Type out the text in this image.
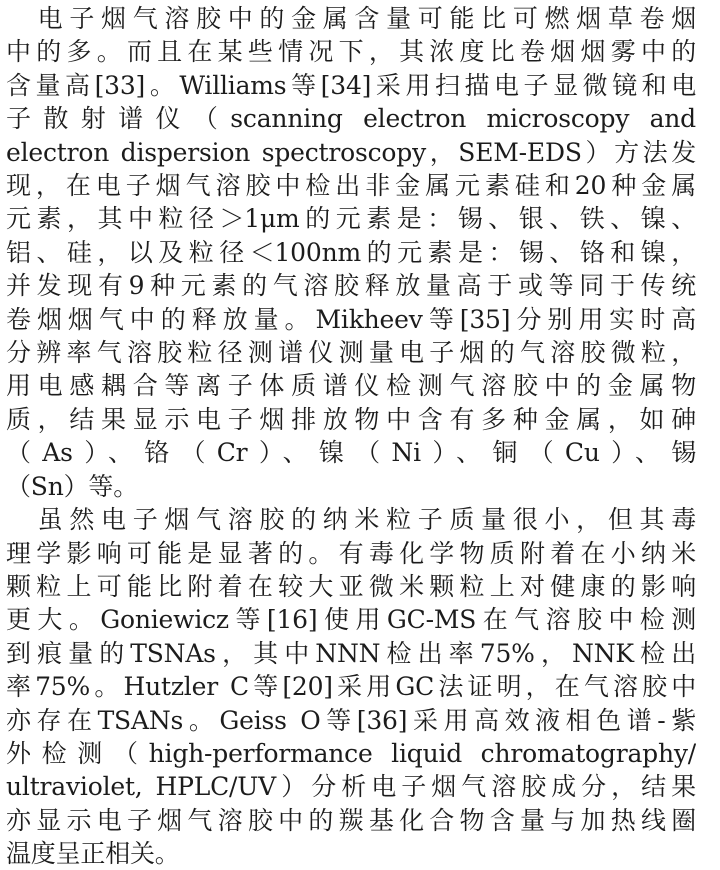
　电子烟气溶胶中的金属含量可能比可燃烟草卷烟
中的多。而且在某些情况下，其浓度比卷烟烟雾中的
含量高[33]。Williams等[34]采用扫描电子显微镜和电
子散射谱仪（scanning electron microscopy and
electron dispersion spectroscopy，SEM-EDS）方法发
现，在电子烟气溶胶中检出非金属元素硅和20种金属
元素，其中粒径＞1μm的元素是：锡、银、铁、镍、
铝、硅，以及粒径＜100nm的元素是：锡、铬和镍，
并发现有9种元素的气溶胶释放量高于或等同于传统
卷烟烟气中的释放量。Mikheev等[35]分别用实时高
分辨率气溶胶粒径测谱仪测量电子烟的气溶胶微粒，
用电感耦合等离子体质谱仪检测气溶胶中的金属物
质，结果显示电子烟排放物中含有多种金属，如砷
（As）、铬（Cr）、镍（Ni）、铜（Cu）、锡
（Sn）等。

　虽然电子烟气溶胶的纳米粒子质量很小，但其毒
理学影响可能是显著的。有毒化学物质附着在小纳米
颗粒上可能比附着在较大亚微米颗粒上对健康的影响
更大。Goniewicz等[16]使用GC-MS在气溶胶中检测
到痕量的TSNAs，其中NNN检出率75%，NNK检出
率75%。Hutzler C等[20]采用GC法证明，在气溶胶中
亦存在TSANs。Geiss O等[36]采用高效液相色谱-紫
外检测（high-performance liquid chromatography/
ultraviolet, HPLC/UV）分析电子烟气溶胶成分，结果
亦显示电子烟气溶胶中的羰基化合物含量与加热线圈
温度呈正相关。
